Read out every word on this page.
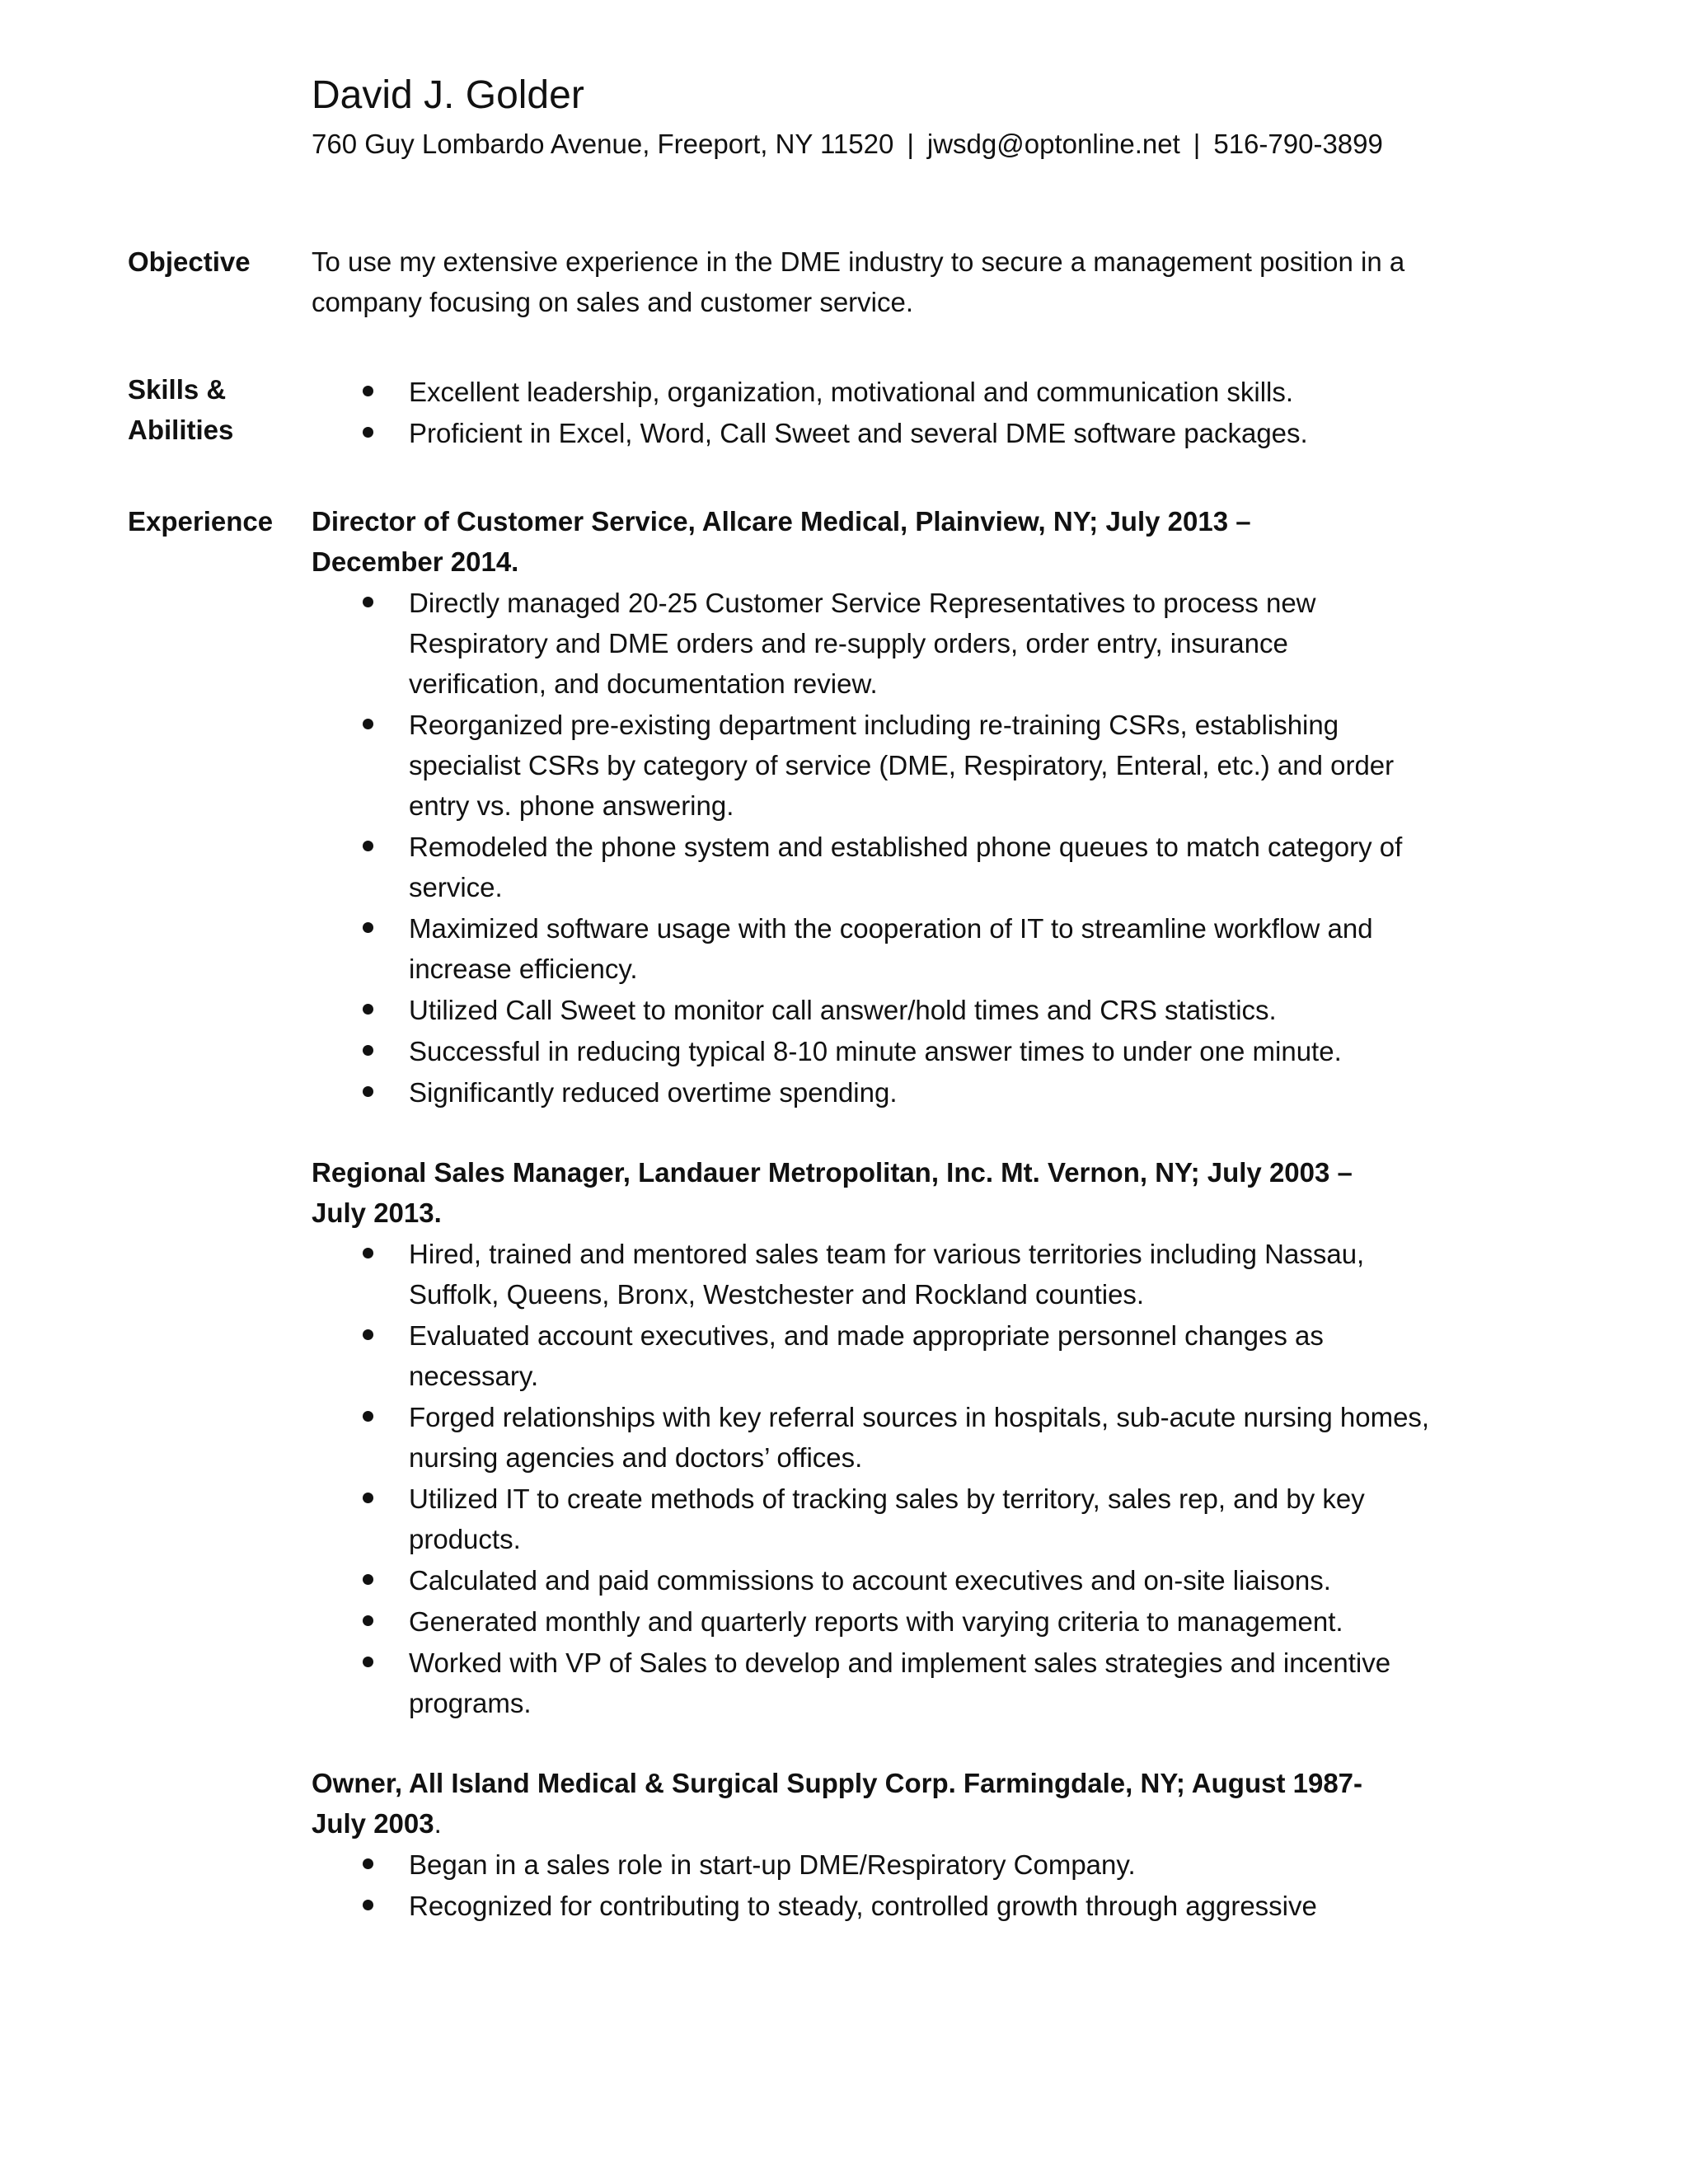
David J. Golder
760 Guy Lombardo Avenue, Freeport, NY 11520 | jwsdg@optonline.net | 516-790-3899
Objective	To use my extensive experience in the DME industry to secure a management position in a company focusing on sales and customer service.

Skills &
Abilities
Excellent leadership, organization, motivational and communication skills.
Proficient in Excel, Word, Call Sweet and several DME software packages.
Experience	Director of Customer Service, Allcare Medical, Plainview, NY; July 2013 – December 2014.

Directly managed 20-25 Customer Service Representatives to process new Respiratory and DME orders and re-supply orders, order entry, insurance verification, and documentation review.
Reorganized pre-existing department including re-training CSRs, establishing specialist CSRs by category of service (DME, Respiratory, Enteral, etc.) and order entry vs. phone answering.
Remodeled the phone system and established phone queues to match category of service.
Maximized software usage with the cooperation of IT to streamline workflow and increase efficiency.
Utilized Call Sweet to monitor call answer/hold times and CRS statistics.
Successful in reducing typical 8-10 minute answer times to under one minute.
Significantly reduced overtime spending.

Regional Sales Manager, Landauer Metropolitan, Inc. Mt. Vernon, NY; July 2003 – July 2013.

Hired, trained and mentored sales team for various territories including Nassau, Suffolk, Queens, Bronx, Westchester and Rockland counties.
Evaluated account executives, and made appropriate personnel changes as necessary.
Forged relationships with key referral sources in hospitals, sub-acute nursing homes, nursing agencies and doctors’ offices.
Utilized IT to create methods of tracking sales by territory, sales rep, and by key products.
Calculated and paid commissions to account executives and on-site liaisons.
Generated monthly and quarterly reports with varying criteria to management.
Worked with VP of Sales to develop and implement sales strategies and incentive programs.

Owner, All Island Medical & Surgical Supply Corp. Farmingdale, NY; August 1987-July 2003.

Began in a sales role in start-up DME/Respiratory Company.
Recognized for contributing to steady, controlled growth through aggressive
